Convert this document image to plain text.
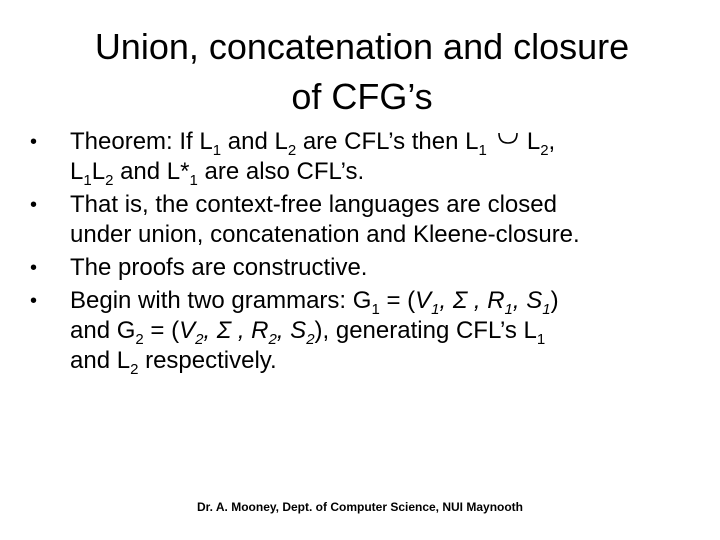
Union, concatenation and closure
of CFG’s
• Theorem: If $L_1$ and $L_2$ are CFL’s then $L_1$ $L_2$,
$L_1L_2$ and $L*_1$ are also CFL’s.
• That is, the context-free languages are closed
under union, concatenation and Kleene-closure.
• The proofs are constructive.
• Begin with two grammars: $G_1 = (V_1$, Σ , $R_1$, $S_1$)
and $G_2 = (V_2$, Σ , $R_2$, $S_2$), generating CFL’s $L_1$
and $L_2$ respectively.
Dr. A. Mooney, Dept. of Computer Science, NUI Maynooth
